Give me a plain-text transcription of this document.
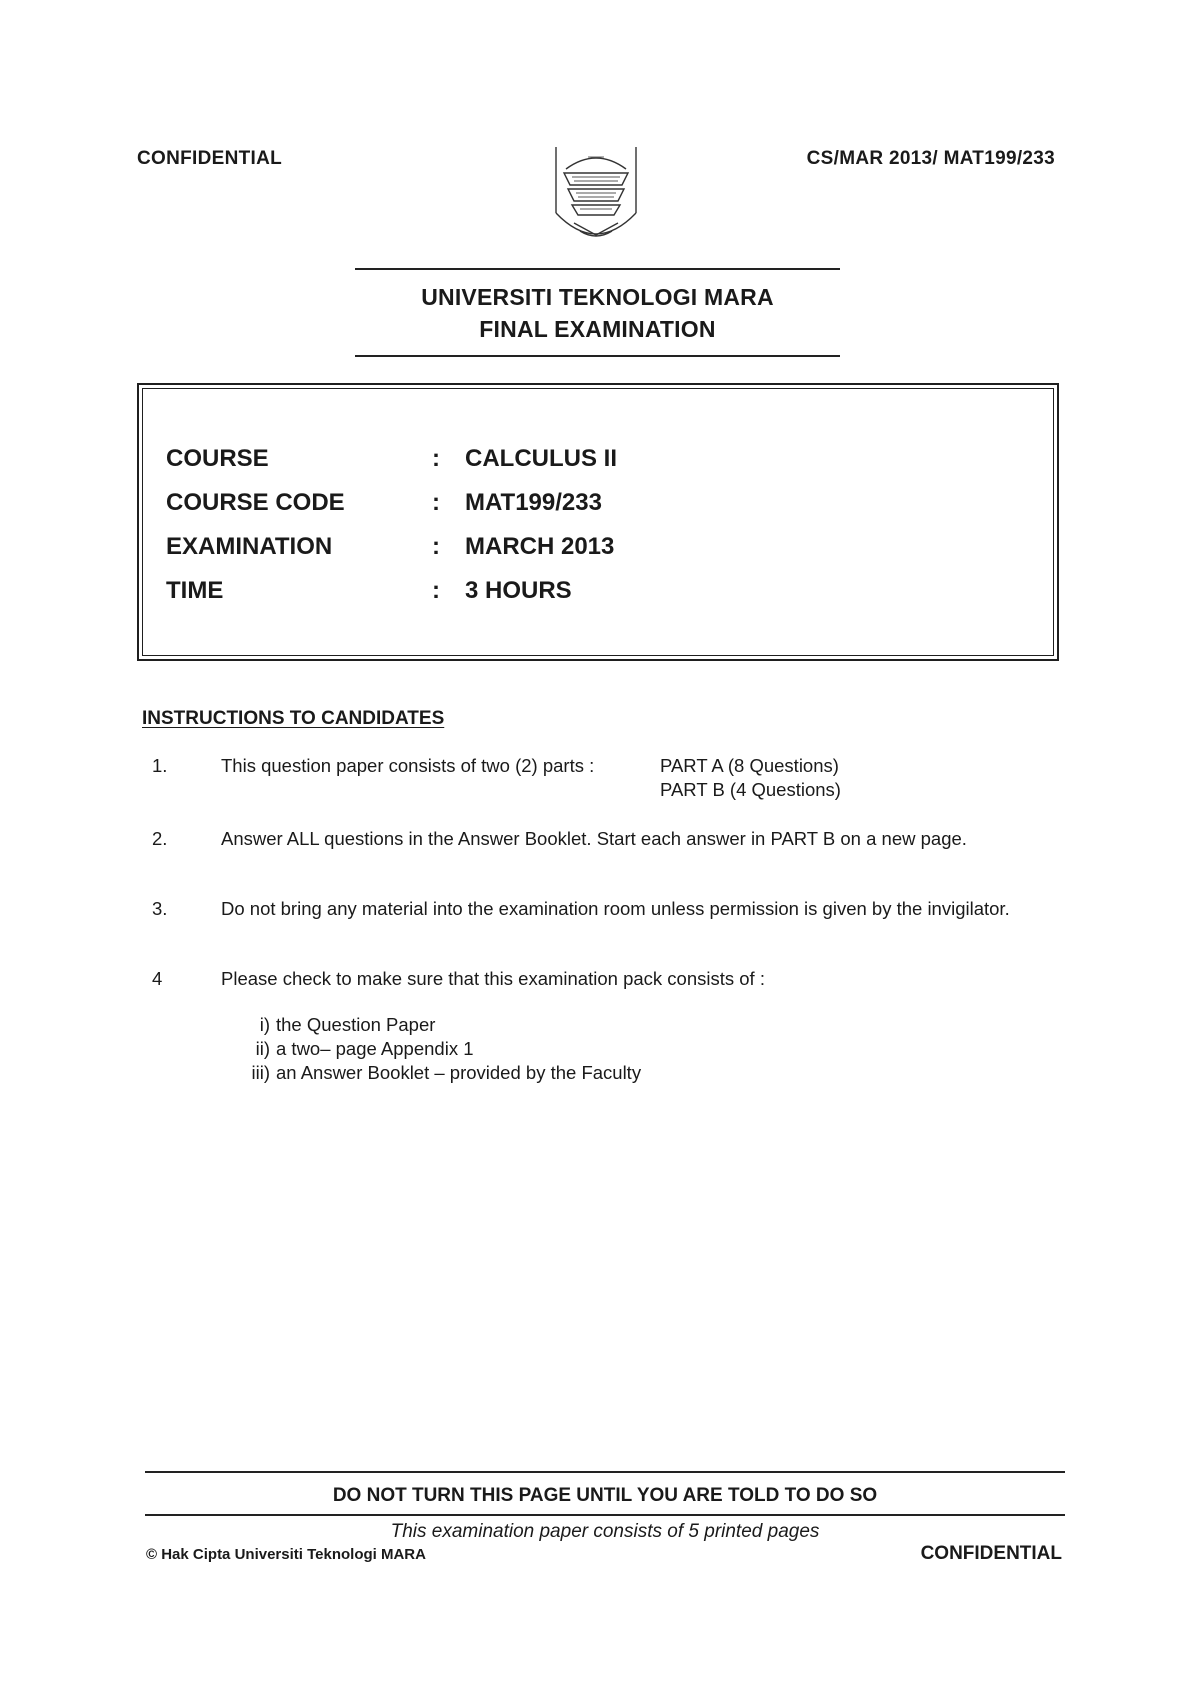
CONFIDENTIAL	CS/MAR 2013/ MAT199/233
UNIVERSITI TEKNOLOGI MARA
FINAL EXAMINATION
COURSE	: CALCULUS II
COURSE CODE	: MAT199/233
EXAMINATION	: MARCH 2013
TIME	: 3 HOURS
INSTRUCTIONS TO CANDIDATES
1.	This question paper consists of two (2) parts :	PART A (8 Questions)
PART B (4 Questions)
2.	Answer ALL questions in the Answer Booklet. Start each answer in PART B on a new page.
3.	Do not bring any material into the examination room unless permission is given by the invigilator.
4	Please check to make sure that this examination pack consists of :
i) the Question Paper
ii) a two– page Appendix 1
iii) an Answer Booklet – provided by the Faculty
DO NOT TURN THIS PAGE UNTIL YOU ARE TOLD TO DO SO
This examination paper consists of 5 printed pages
© Hak Cipta Universiti Teknologi MARA	CONFIDENTIAL
